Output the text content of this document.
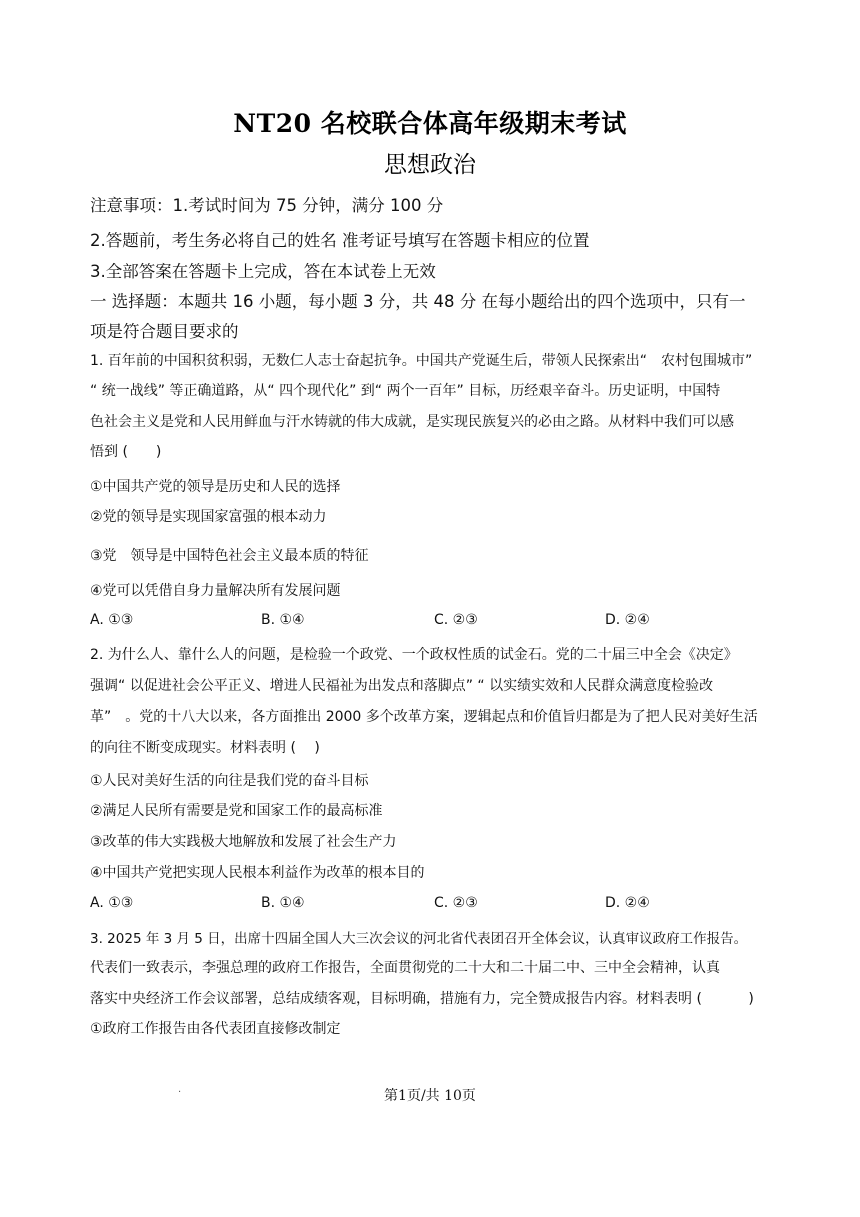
NT20 名校联合体高年级期末考试
思想政治
注意事项：1.考试时间为 75 分钟，满分 100 分
2.答题前，考生务必将自己的姓名 准考证号填写在答题卡相应的位置
3.全部答案在答题卡上完成，答在本试卷上无效
一 选择题：本题共 16 小题，每小题 3 分，共 48 分 在每小题给出的四个选项中，只有一
项是符合题目要求的
1. 百年前的中国积贫积弱，无数仁人志士奋起抗争。中国共产党诞生后，带领人民探索出“　农村包围城市”
“ 统一战线” 等正确道路，从“ 四个现代化” 到“ 两个一百年” 目标，历经艰辛奋斗。历史证明，中国特
色社会主义是党和人民用鲜血与汗水铸就的伟大成就，是实现民族复兴的必由之路。从材料中我们可以感
悟到 (　　)
①中国共产党的领导是历史和人民的选择
②党的领导是实现国家富强的根本动力
③党　领导是中国特色社会主义最本质的特征
④党可以凭借自身力量解决所有发展问题
A. ①③	B. ①④	C. ②③	D. ②④
2. 为什么人、靠什么人的问题，是检验一个政党、一个政权性质的试金石。党的二十届三中全会《决定》
强调“ 以促进社会公平正义、增进人民福祉为出发点和落脚点” “ 以实绩实效和人民群众满意度检验改
革”　。党的十八大以来，各方面推出 2000 多个改革方案，逻辑起点和价值旨归都是为了把人民对美好生活
的向往不断变成现实。材料表明 (　 )
①人民对美好生活的向往是我们党的奋斗目标
②满足人民所有需要是党和国家工作的最高标准
③改革的伟大实践极大地解放和发展了社会生产力
④中国共产党把实现人民根本利益作为改革的根本目的
A. ①③	B. ①④	C. ②③	D. ②④
3. 2025 年 3 月 5 日，出席十四届全国人大三次会议的河北省代表团召开全体会议，认真审议政府工作报告。
代表们一致表示，李强总理的政府工作报告，全面贯彻党的二十大和二十届二中、三中全会精神，认真
落实中央经济工作会议部署，总结成绩客观，目标明确，措施有力，完全赞成报告内容。材料表明 (　　　 )
①政府工作报告由各代表团直接修改制定
.	第1页/共 10页
